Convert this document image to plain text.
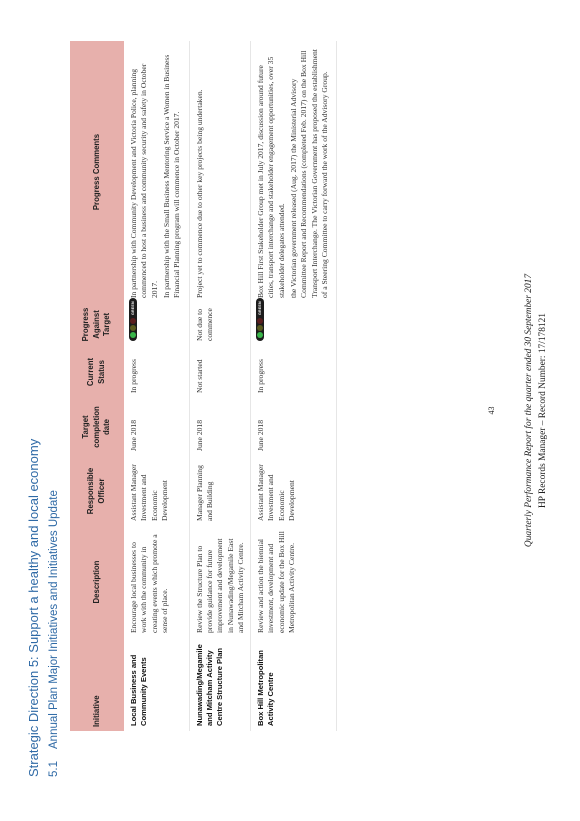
Strategic Direction 5: Support a healthy and local economy 5.1Annual Plan Major Initiatives and Initiatives Update	Initiative	Description	Responsible Officer	Target completion date	Current Status	Progress Against Target	Progress Comments
Local Business and Community Events	Encourage local businesses to work with the community in creating events which promote a sense of place.	Assistant Manager Investment and Economic Development	June 2018	In progress	GREEN	In partnership with Community Development and Victoria Police, planning commenced to host a business and community security and safety in October 2017. In partnership with the Small Business Mentoring Service a Women in Business Financial Planning program will commence in October 2017.

Nunawading/Megamile and Mitcham Activity Centre Structure Plan	Review the Structure Plan to provide guidance for future improvement and development in Nunawading/Megamile East and Mitcham Activity Centre.	Manager Planning and Building	June 2018	Not started	Not due to commence	Project yet to commence due to other key projects being undertaken.

Box Hill Metropolitan Activity Centre	Review and action the biennial investment, development and economic update for the Box Hill Metropolitan Activity Centre.	Assistant Manager Investment and Economic Development	June 2018	In progress	GREEN	Box Hill First Stakeholder Group met in July 2017, discussion around future cities, transport interchange and stakeholder engagement opportunities, over 35 stakeholder delegates attended. the Victorian government released (Aug. 2017) the Ministerial Advisory Committee Report and Recommendations (completed Feb. 2017) on the Box Hill Transport Interchange. The Victorian Government has proposed the establishment of a Steering Committee to carry forward the work of the Advisory Group.

43	Quarterly Performance Report for the quarter ended 30 September 2017 HP Records Manager – Record Number: 17/178121
